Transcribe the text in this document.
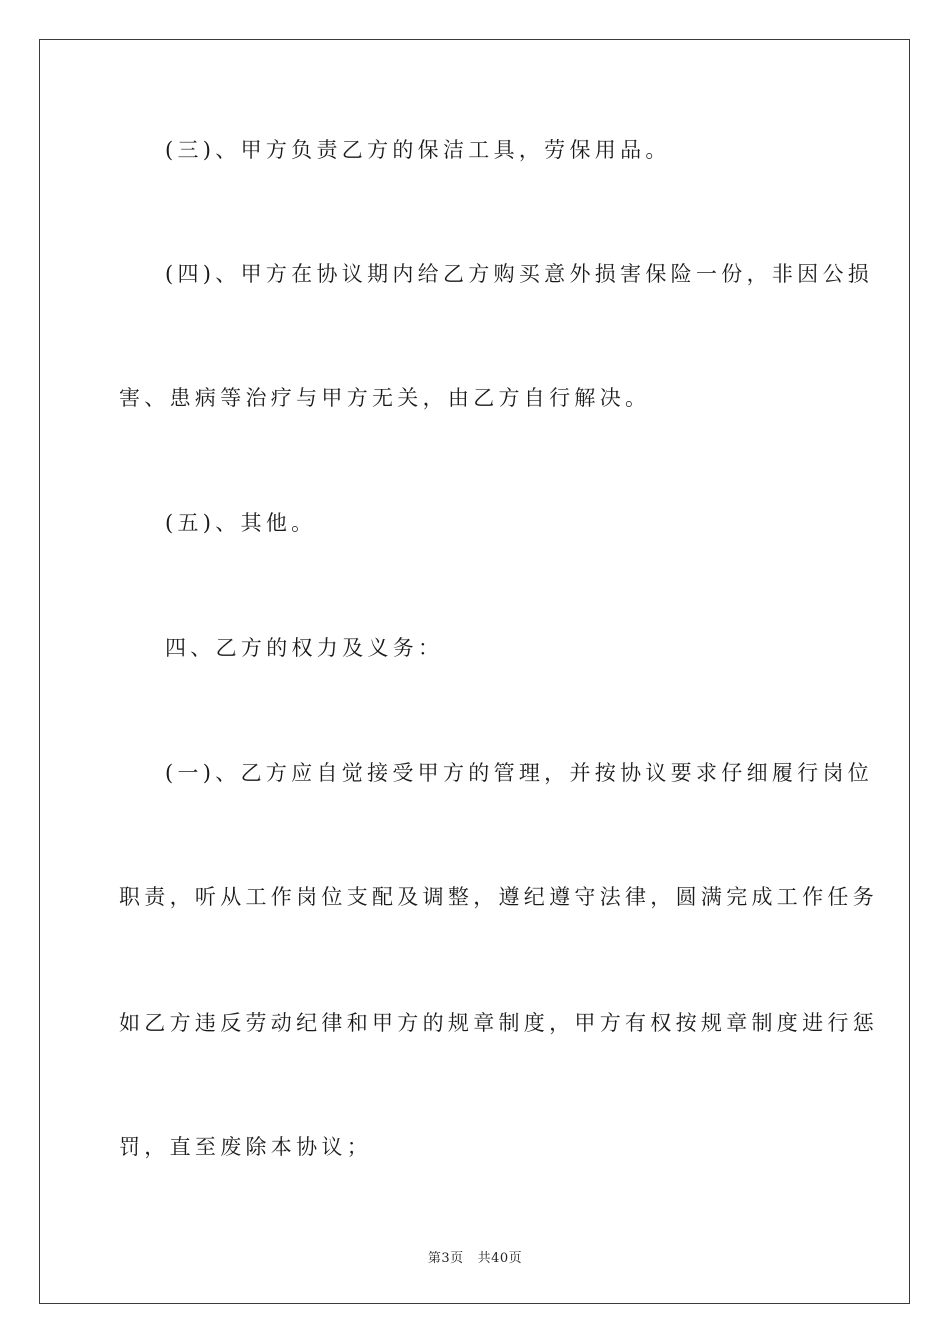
(三)、甲方负责乙方的保洁工具，劳保用品。
(四)、甲方在协议期内给乙方购买意外损害保险一份，非因公损
害、患病等治疗与甲方无关，由乙方自行解决。
(五)、其他。
四、乙方的权力及义务：
(一)、乙方应自觉接受甲方的管理，并按协议要求仔细履行岗位
职责，听从工作岗位支配及调整，遵纪遵守法律，圆满完成工作任务
如乙方违反劳动纪律和甲方的规章制度，甲方有权按规章制度进行惩
罚，直至废除本协议；
第3页 共40页
